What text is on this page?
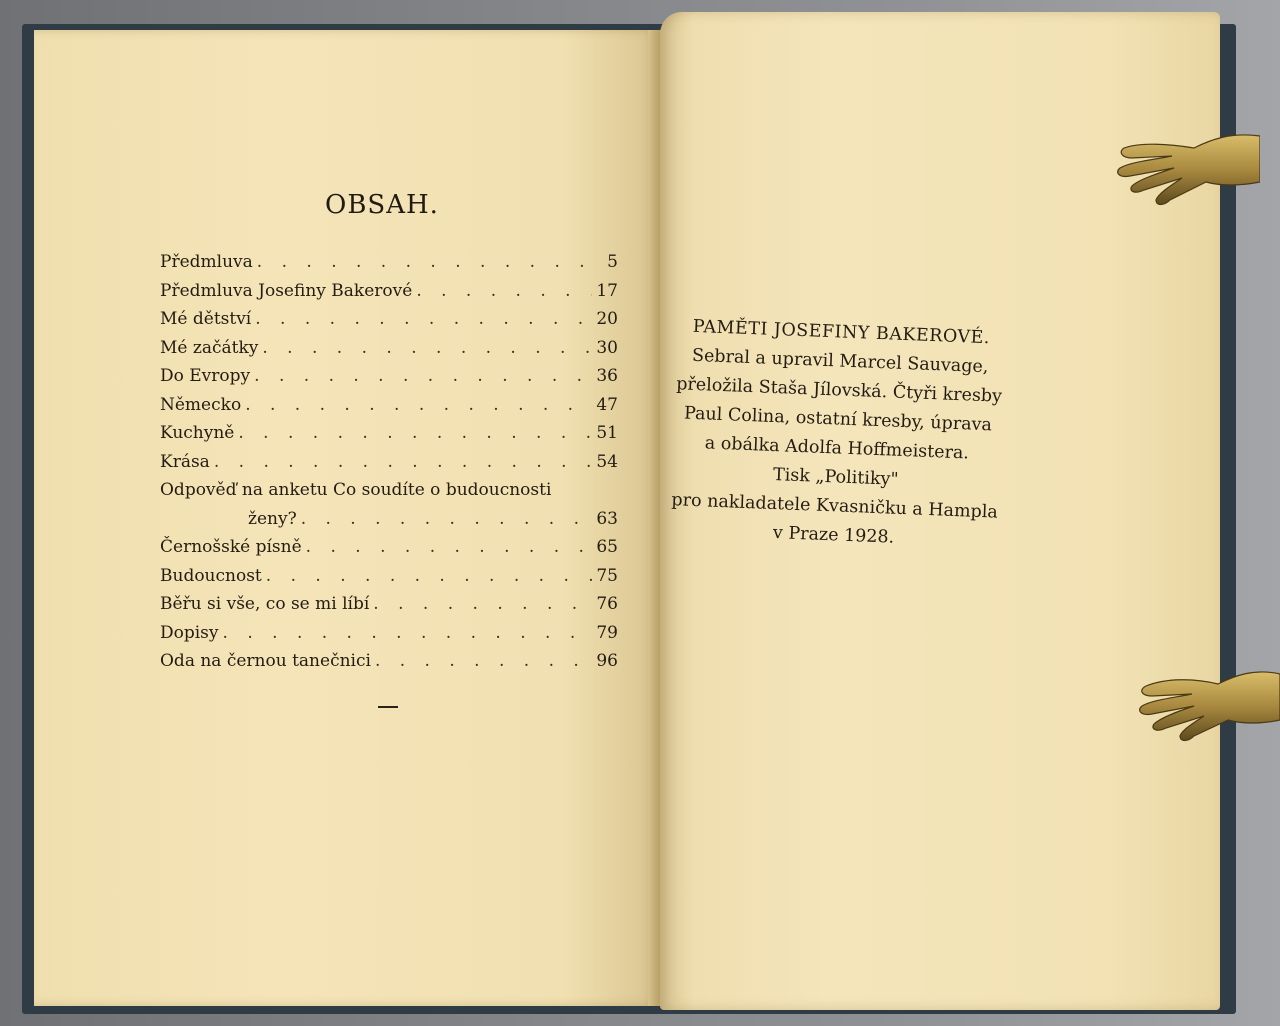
OBSAH.
Předmluva . . .	5
Předmluva Josefiny Bakerové . . .	17
Mé dětství . . .	20
Mé začátky . . .	30
Do Evropy . . .	36
Německo . . .	47
Kuchyně . . .	51
Krása . . .	54
Odpověď na anketu Co soudíte o budoucnosti
ženy? . . .	63
Černošské písně . . .	65
Budoucnost . . .	75
Běřu si vše, co se mi líbí . . .	76
Dopisy . . .	79
Oda na černou tanečnici . . .	96
PAMĚTI JOSEFINY BAKEROVÉ.
Sebral a upravil Marcel Sauvage,
přeložila Staša Jílovská. Čtyři kresby
Paul Colina, ostatní kresby, úprava
a obálka Adolfa Hoffmeistera.
Tisk „Politiky"
pro nakladatele Kvasničku a Hampla
v Praze 1928.
